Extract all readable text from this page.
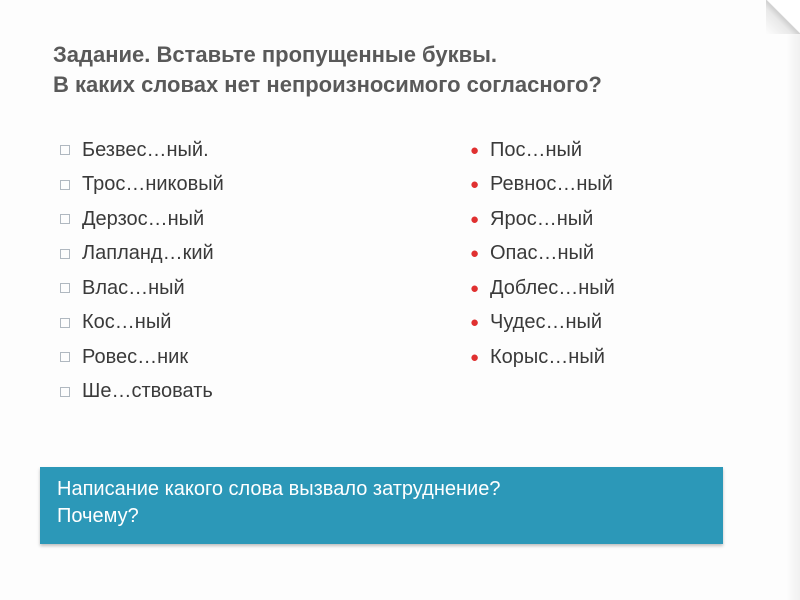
Задание. Вставьте пропущенные буквы.
В каких словах нет непроизносимого согласного?
Безвес…ный.
Трос…никовый
Дерзос…ный
Лапланд…кий
Влас…ный
Кос…ный
Ровес…ник
Ше…ствовать
● Пос…ный
● Ревнос…ный
● Ярос…ный
● Опас…ный
● Доблес…ный
● Чудес…ный
● Корыс…ный
Написание какого слова вызвало затруднение?
Почему?
